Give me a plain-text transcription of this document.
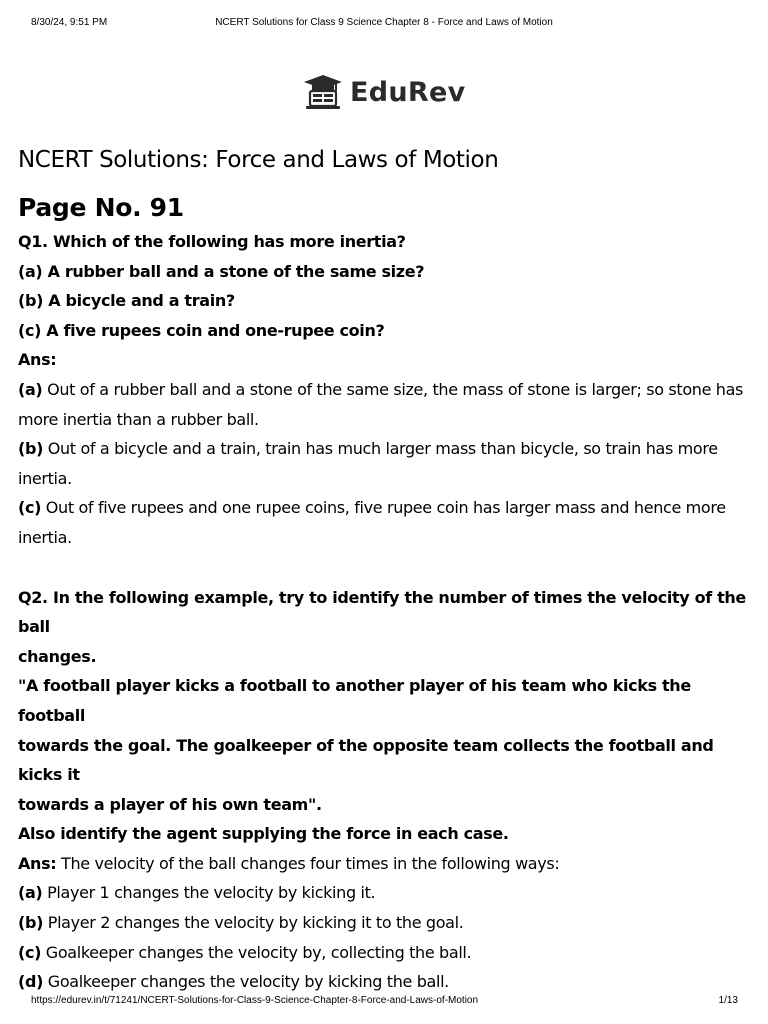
8/30/24, 9:51 PM	NCERT Solutions for Class 9 Science Chapter 8 - Force and Laws of Motion
EduRev
NCERT Solutions: Force and Laws of Motion
Page No. 91

Q1. Which of the following has more inertia?

(a) A rubber ball and a stone of the same size?

(b) A bicycle and a train?

(c) A five rupees coin and one-rupee coin?

Ans:

(a) Out of a rubber ball and a stone of the same size, the mass of stone is larger; so stone has

more inertia than a rubber ball.

(b) Out of a bicycle and a train, train has much larger mass than bicycle, so train has more

inertia.

(c) Out of five rupees and one rupee coins, five rupee coin has larger mass and hence more

inertia.

Q2. In the following example, try to identify the number of times the velocity of the ball

changes.

"A football player kicks a football to another player of his team who kicks the football

towards the goal. The goalkeeper of the opposite team collects the football and kicks it

towards a player of his own team".

Also identify the agent supplying the force in each case.

Ans: The velocity of the ball changes four times in the following ways:

(a) Player 1 changes the velocity by kicking it.

(b) Player 2 changes the velocity by kicking it to the goal.

(c) Goalkeeper changes the velocity by, collecting the ball.

(d) Goalkeeper changes the velocity by kicking the ball.

https://edurev.in/t/71241/NCERT-Solutions-for-Class-9-Science-Chapter-8-Force-and-Laws-of-Motion	1/13
